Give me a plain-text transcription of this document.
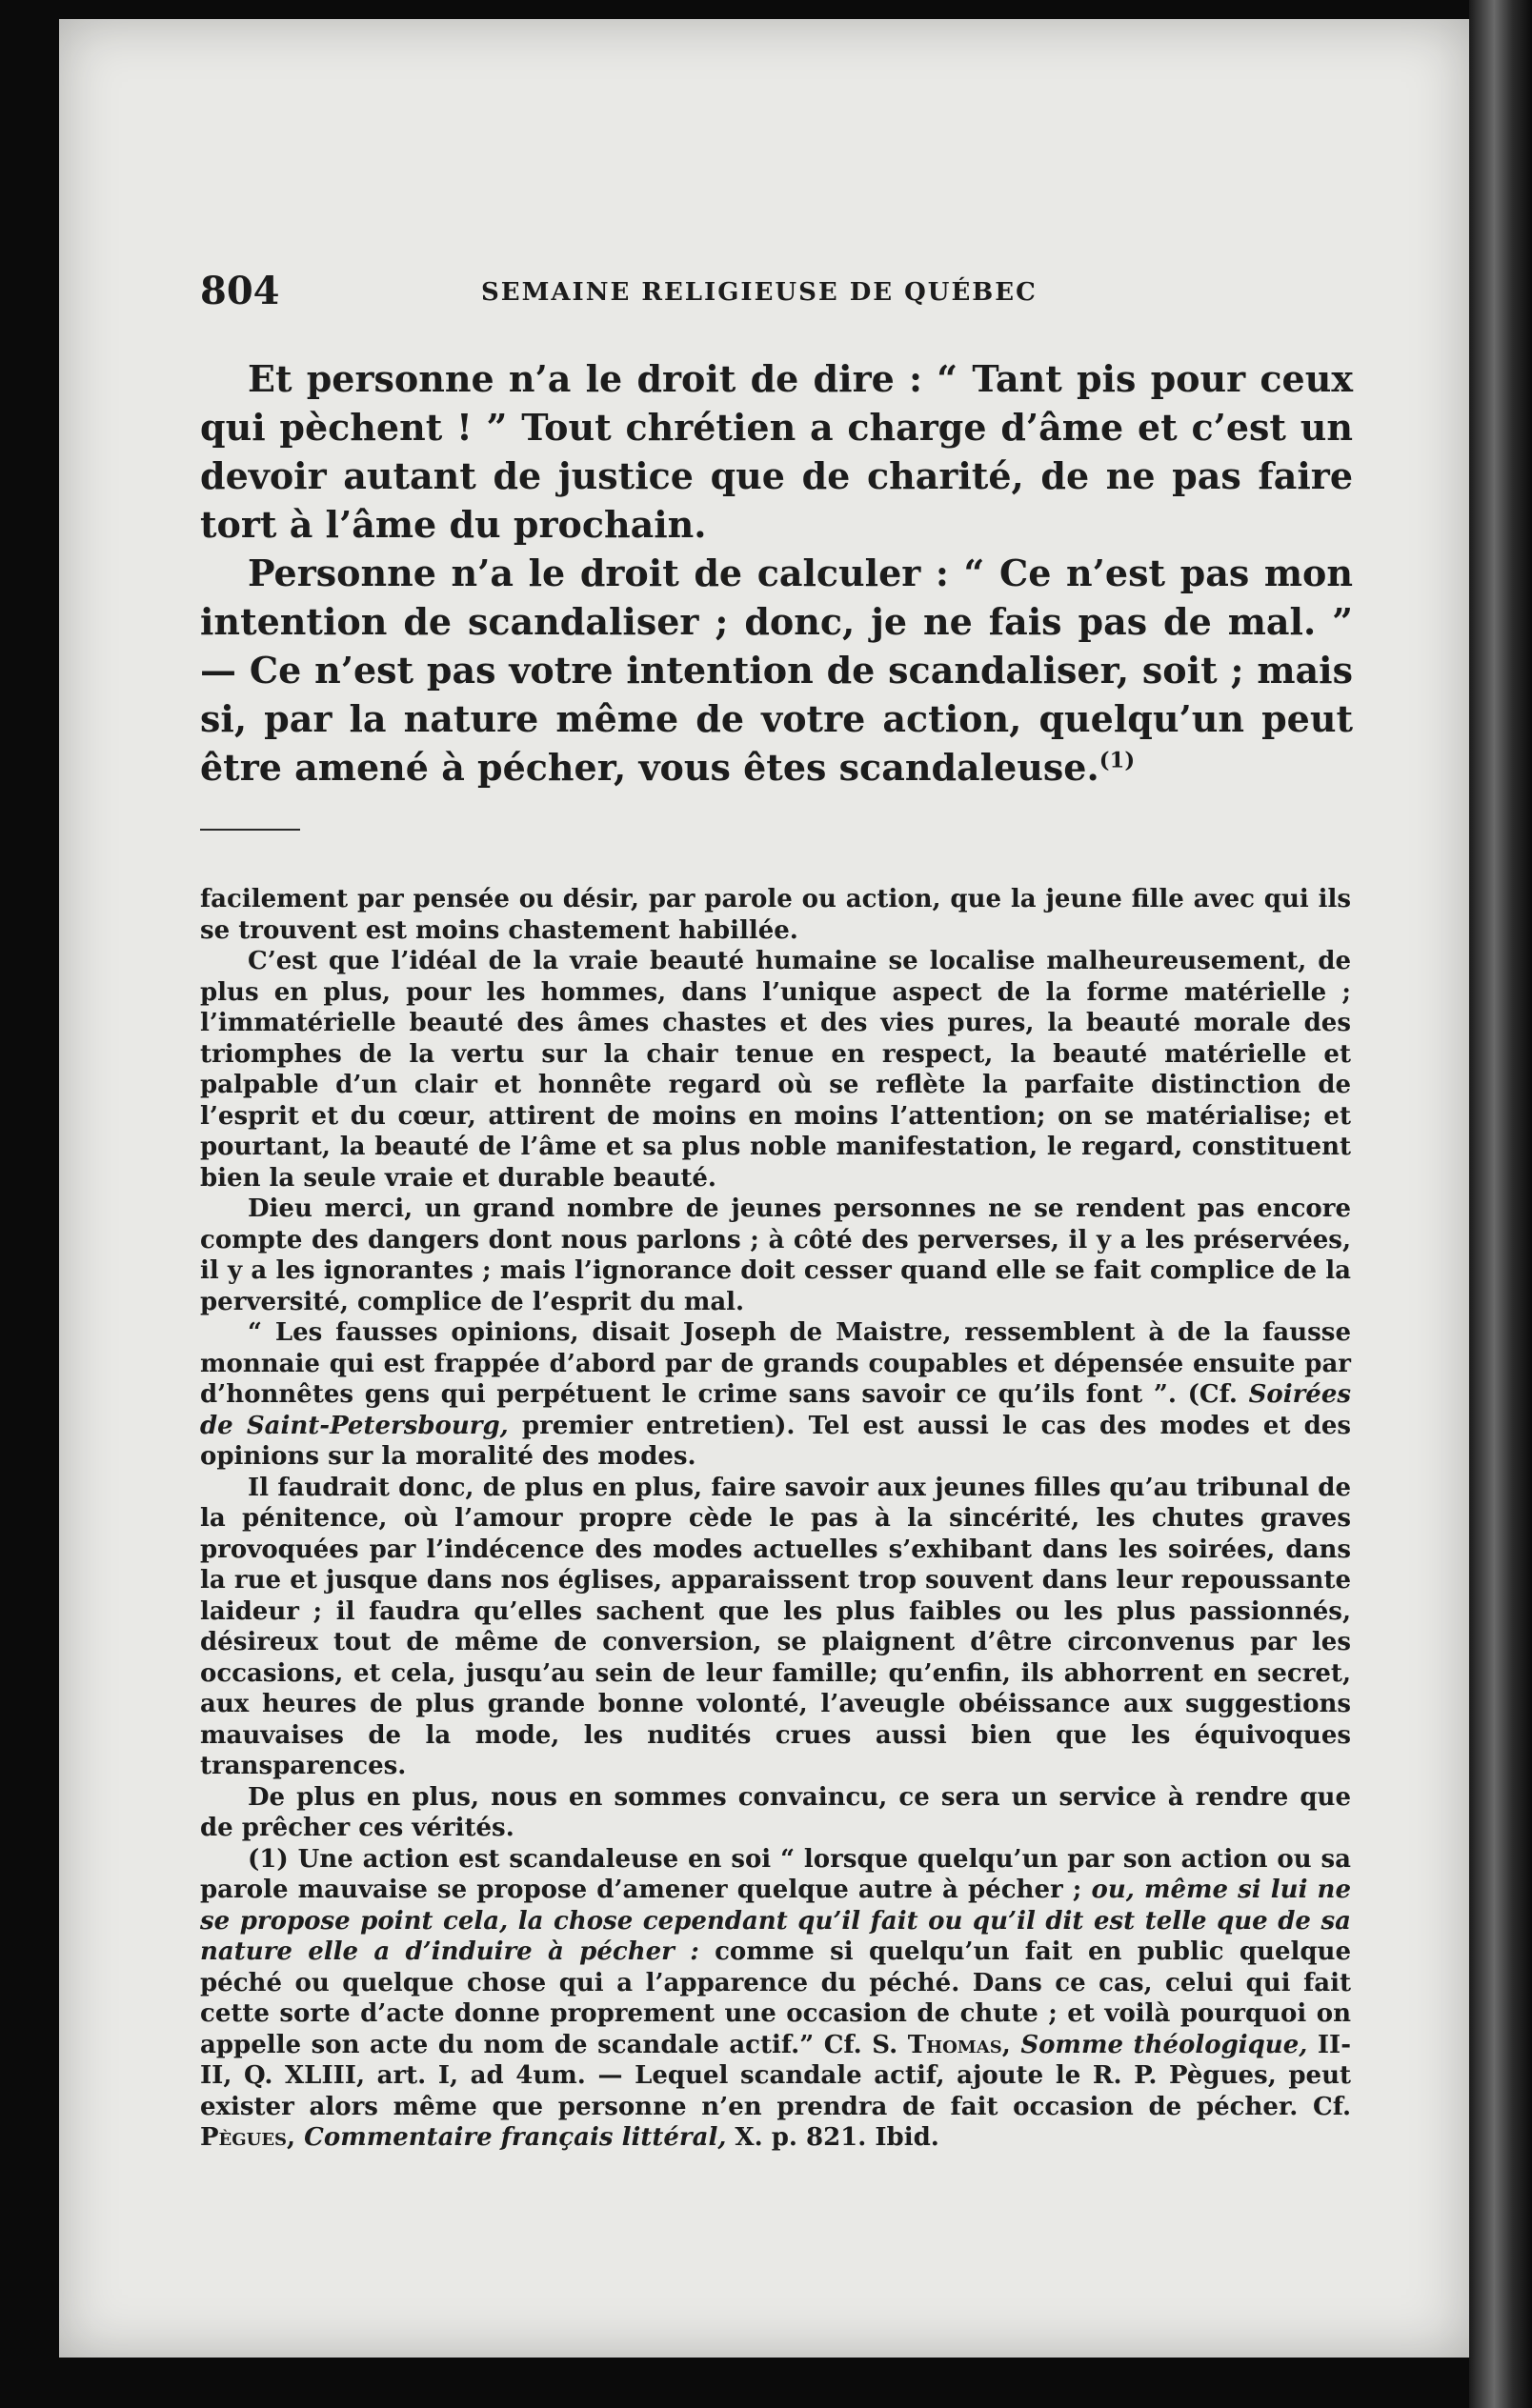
804	SEMAINE RELIGIEUSE DE QUÉBEC

Et personne n’a le droit de dire : “ Tant pis pour ceux qui pèchent ! ” Tout chrétien a charge d’âme et c’est un devoir autant de justice que de charité, de ne pas faire tort à l’âme du prochain.

Personne n’a le droit de calculer : “ Ce n’est pas mon intention de scandaliser ; donc, je ne fais pas de mal. ” — Ce n’est pas votre intention de scandaliser, soit ; mais si, par la nature même de votre action, quelqu’un peut être amené à pécher, vous êtes scandaleuse.$^{(1)}$

facilement par pensée ou désir, par parole ou action, que la jeune fille avec qui ils se trouvent est moins chastement habillée.

C’est que l’idéal de la vraie beauté humaine se localise malheureusement, de plus en plus, pour les hommes, dans l’unique aspect de la forme matérielle ; l’immatérielle beauté des âmes chastes et des vies pures, la beauté morale des triomphes de la vertu sur la chair tenue en respect, la beauté matérielle et palpable d’un clair et honnête regard où se reflète la parfaite distinction de l’esprit et du cœur, attirent de moins en moins l’attention; on se matérialise; et pourtant, la beauté de l’âme et sa plus noble manifestation, le regard, constituent bien la seule vraie et durable beauté.

Dieu merci, un grand nombre de jeunes personnes ne se rendent pas encore compte des dangers dont nous parlons ; à côté des perverses, il y a les préservées, il y a les ignorantes ; mais l’ignorance doit cesser quand elle se fait complice de la perversité, complice de l’esprit du mal.

“ Les fausses opinions, disait Joseph de Maistre, ressemblent à de la fausse monnaie qui est frappée d’abord par de grands coupables et dépensée ensuite par d’honnêtes gens qui perpétuent le crime sans savoir ce qu’ils font ”. (Cf. Soirées de Saint-Petersbourg, premier entretien). Tel est aussi le cas des modes et des opinions sur la moralité des modes.

Il faudrait donc, de plus en plus, faire savoir aux jeunes filles qu’au tribunal de la pénitence, où l’amour propre cède le pas à la sincérité, les chutes graves provoquées par l’indécence des modes actuelles s’exhibant dans les soirées, dans la rue et jusque dans nos églises, apparaissent trop souvent dans leur repoussante laideur ; il faudra qu’elles sachent que les plus faibles ou les plus passionnés, désireux tout de même de conversion, se plaignent d’être circonvenus par les occasions, et cela, jusqu’au sein de leur famille; qu’enfin, ils abhorrent en secret, aux heures de plus grande bonne volonté, l’aveugle obéissance aux suggestions mauvaises de la mode, les nudités crues aussi bien que les équivoques transparences.

De plus en plus, nous en sommes convaincu, ce sera un service à rendre que de prêcher ces vérités.

(1) Une action est scandaleuse en soi “ lorsque quelqu’un par son action ou sa parole mauvaise se propose d’amener quelque autre à pécher ; ou, même si lui ne se propose point cela, la chose cependant qu’il fait ou qu’il dit est telle que de sa nature elle a d’induire à pécher : comme si quelqu’un fait en public quelque péché ou quelque chose qui a l’apparence du péché. Dans ce cas, celui qui fait cette sorte d’acte donne proprement une occasion de chute ; et voilà pourquoi on appelle son acte du nom de scandale actif.” Cf. S. Thomas, Somme théologique, II-II, Q. XLIII, art. I, ad 4um. — Lequel scandale actif, ajoute le R. P. Pègues, peut exister alors même que personne n’en prendra de fait occasion de pécher. Cf. Pègues, Commentaire français littéral, X. p. 821. Ibid.
